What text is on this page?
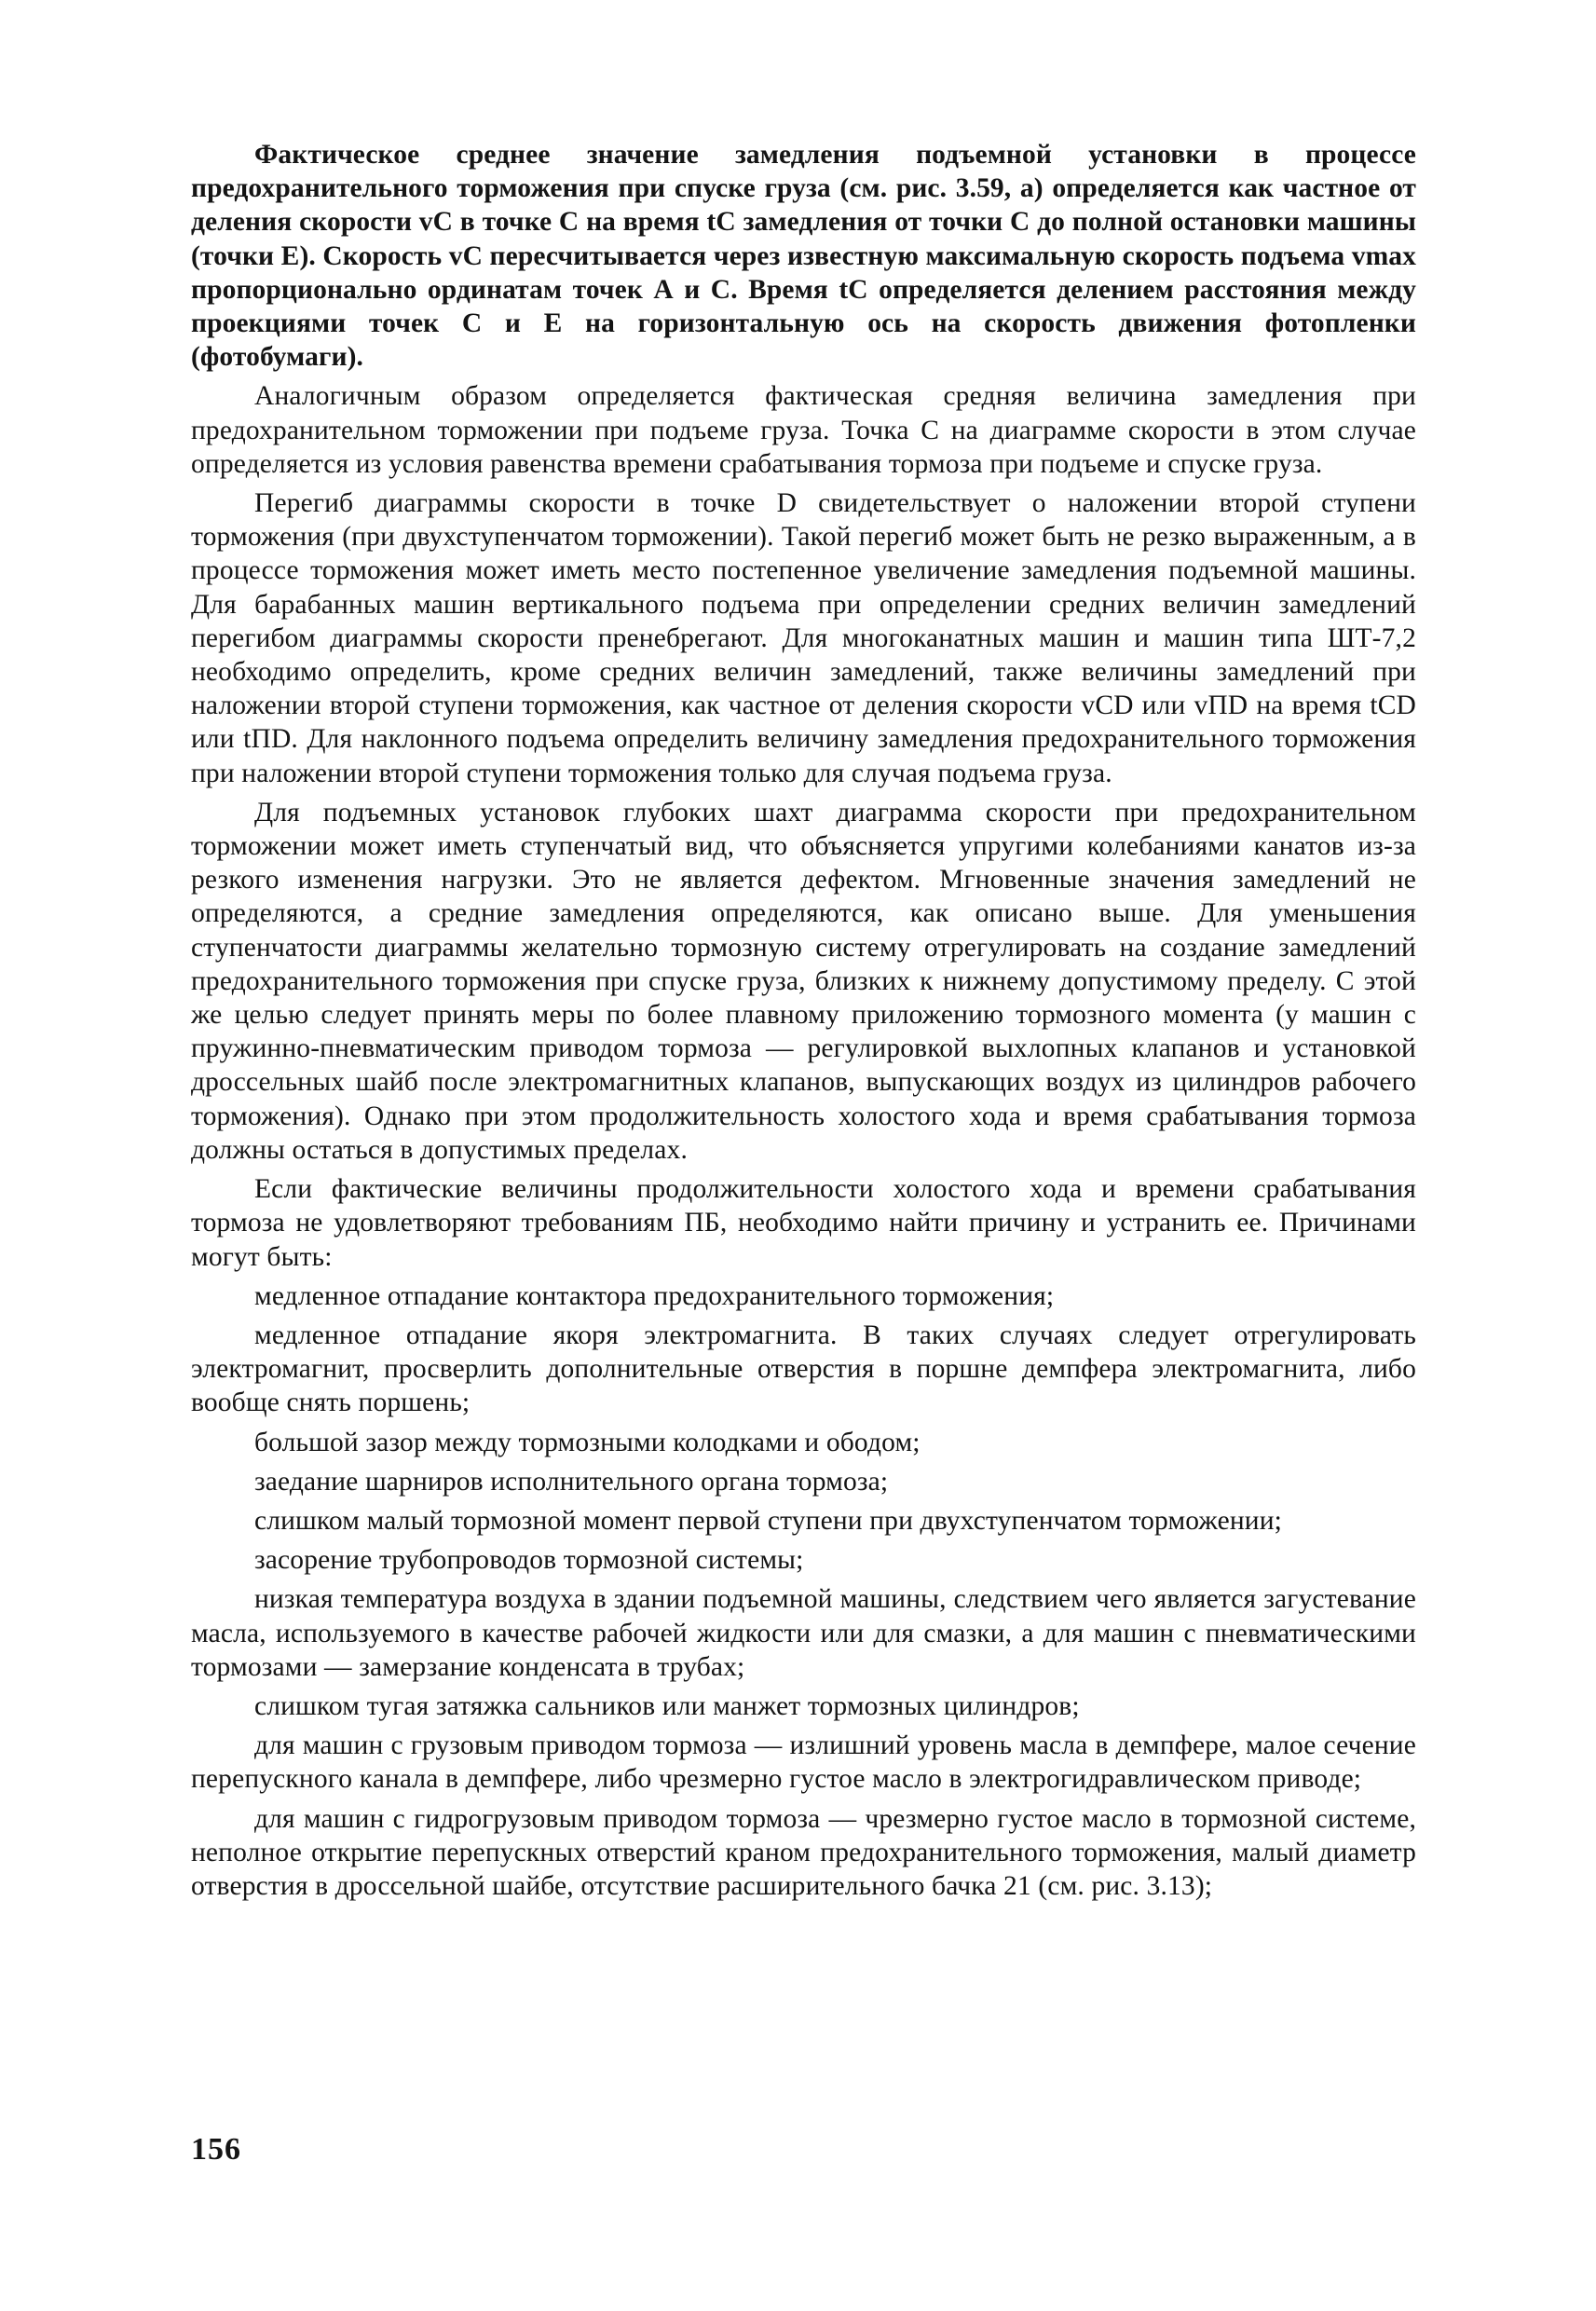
Фактическое среднее значение замедления подъемной установки в процессе предохранительного торможения при спуске груза (см. рис. 3.59, а) определяется как частное от деления скорости vС в точке С на время tС замедления от точки С до полной остановки машины (точки Е). Скорость vС пересчитывается через известную максимальную скорость подъема vmax пропорционально ординатам точек А и С. Время tС определяется делением расстояния между проекциями точек С и Е на горизонтальную ось на скорость движения фотопленки (фотобумаги).

Аналогичным образом определяется фактическая средняя величина замедления при предохранительном торможении при подъеме груза. Точка С на диаграмме скорости в этом случае определяется из условия равенства времени срабатывания тормоза при подъеме и спуске груза.

Перегиб диаграммы скорости в точке D свидетельствует о наложении второй ступени торможения (при двухступенчатом торможении). Такой перегиб может быть не резко выраженным, а в процессе торможения может иметь место постепенное увеличение замедления подъемной машины. Для барабанных машин вертикального подъема при определении средних величин замедлений перегибом диаграммы скорости пренебрегают. Для многоканатных машин и машин типа ШТ-7,2 необходимо определить, кроме средних величин замедлений, также величины замедлений при наложении второй ступени торможения, как частное от деления скорости vСD или vПD на время tСD или tПD. Для наклонного подъема определить величину замедления предохранительного торможения при наложении второй ступени торможения только для случая подъема груза.

Для подъемных установок глубоких шахт диаграмма скорости при предохранительном торможении может иметь ступенчатый вид, что объясняется упругими колебаниями канатов из-за резкого изменения нагрузки. Это не является дефектом. Мгновенные значения замедлений не определяются, а средние замедления определяются, как описано выше. Для уменьшения ступенчатости диаграммы желательно тормозную систему отрегулировать на создание замедлений предохранительного торможения при спуске груза, близких к нижнему допустимому пределу. С этой же целью следует принять меры по более плавному приложению тормозного момента (у машин с пружинно-пневматическим приводом тормоза — регулировкой выхлопных клапанов и установкой дроссельных шайб после электромагнитных клапанов, выпускающих воздух из цилиндров рабочего торможения). Однако при этом продолжительность холостого хода и время срабатывания тормоза должны остаться в допустимых пределах.

Если фактические величины продолжительности холостого хода и времени срабатывания тормоза не удовлетворяют требованиям ПБ, необходимо найти причину и устранить ее. Причинами могут быть:

медленное отпадание контактора предохранительного торможения;

медленное отпадание якоря электромагнита. В таких случаях следует отрегулировать электромагнит, просверлить дополнительные отверстия в поршне демпфера электромагнита, либо вообще снять поршень;

большой зазор между тормозными колодками и ободом;

заедание шарниров исполнительного органа тормоза;

слишком малый тормозной момент первой ступени при двухступенчатом торможении;

засорение трубопроводов тормозной системы;

низкая температура воздуха в здании подъемной машины, следствием чего является загустевание масла, используемого в качестве рабочей жидкости или для смазки, а для машин с пневматическими тормозами — замерзание конденсата в трубах;

слишком тугая затяжка сальников или манжет тормозных цилиндров;

для машин с грузовым приводом тормоза — излишний уровень масла в демпфере, малое сечение перепускного канала в демпфере, либо чрезмерно густое масло в электрогидравлическом приводе;

для машин с гидрогрузовым приводом тормоза — чрезмерно густое масло в тормозной системе, неполное открытие перепускных отверстий краном предохранительного торможения, малый диаметр отверстия в дроссельной шайбе, отсутствие расширительного бачка 21 (см. рис. 3.13);

156
